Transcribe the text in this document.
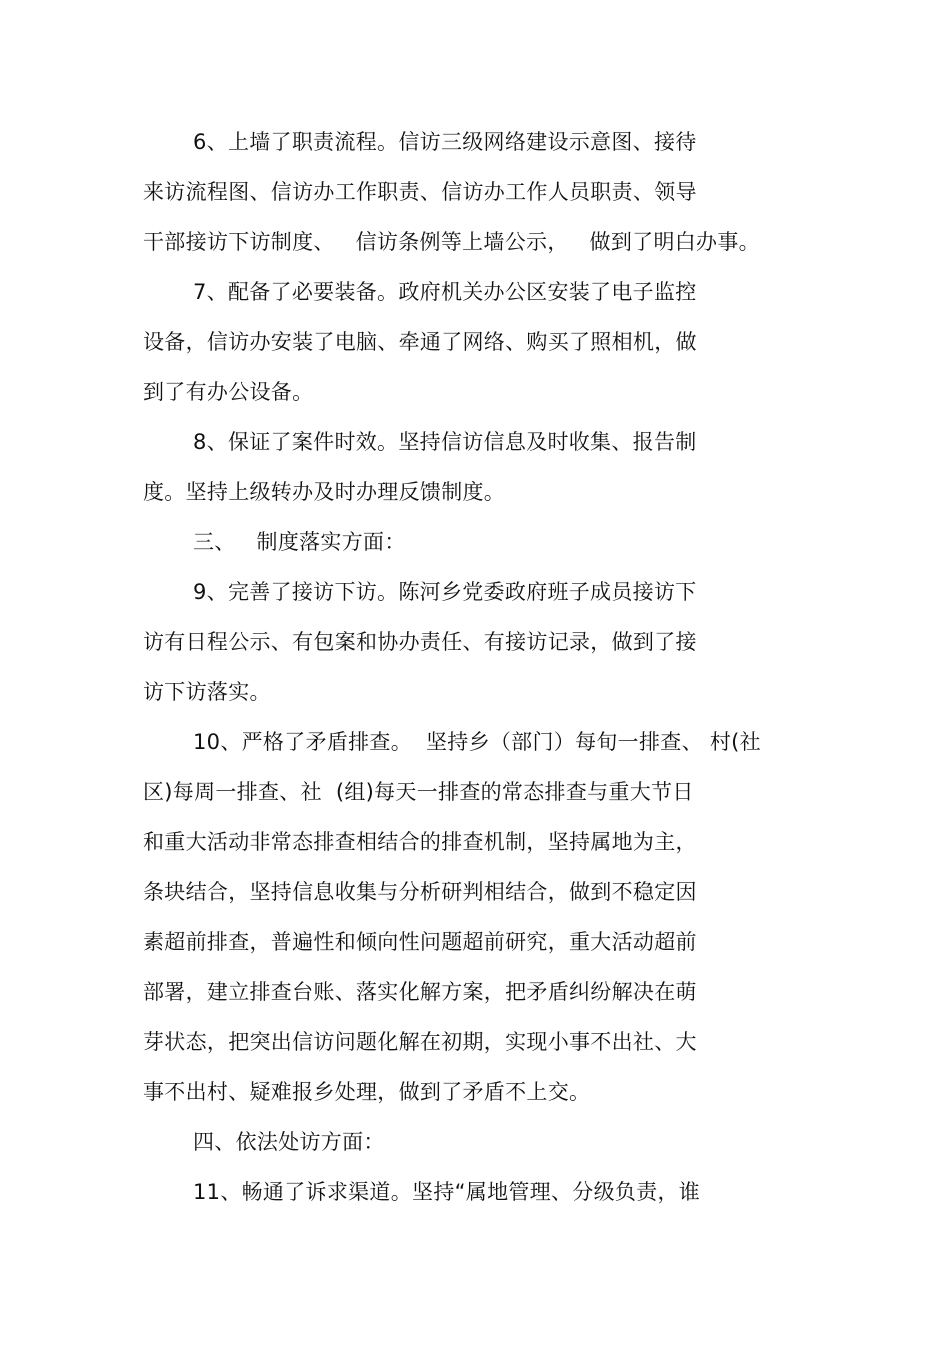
6、上墙了职责流程。信访三级网络建设示意图、接待
来访流程图、信访办工作职责、信访办工作人员职责、领导
干部接访下访制度、   信访条例等上墙公示，   做到了明白办事。
7、配备了必要装备。政府机关办公区安装了电子监控
设备，信访办安装了电脑、牵通了网络、购买了照相机，做
到了有办公设备。
8、保证了案件时效。坚持信访信息及时收集、报告制
度。坚持上级转办及时办理反馈制度。
三、   制度落实方面：
9、完善了接访下访。陈河乡党委政府班子成员接访下
访有日程公示、有包案和协办责任、有接访记录，做到了接
访下访落实。
10、严格了矛盾排查。  坚持乡（部门）每旬一排查、 村(社
区)每周一排查、社  (组)每天一排查的常态排查与重大节日
和重大活动非常态排查相结合的排查机制，坚持属地为主，
条块结合，坚持信息收集与分析研判相结合，做到不稳定因
素超前排查，普遍性和倾向性问题超前研究，重大活动超前
部署，建立排查台账、落实化解方案，把矛盾纠纷解决在萌
芽状态，把突出信访问题化解在初期，实现小事不出社、大
事不出村、疑难报乡处理，做到了矛盾不上交。
四、依法处访方面：
11、畅通了诉求渠道。坚持“属地管理、分级负责，谁
